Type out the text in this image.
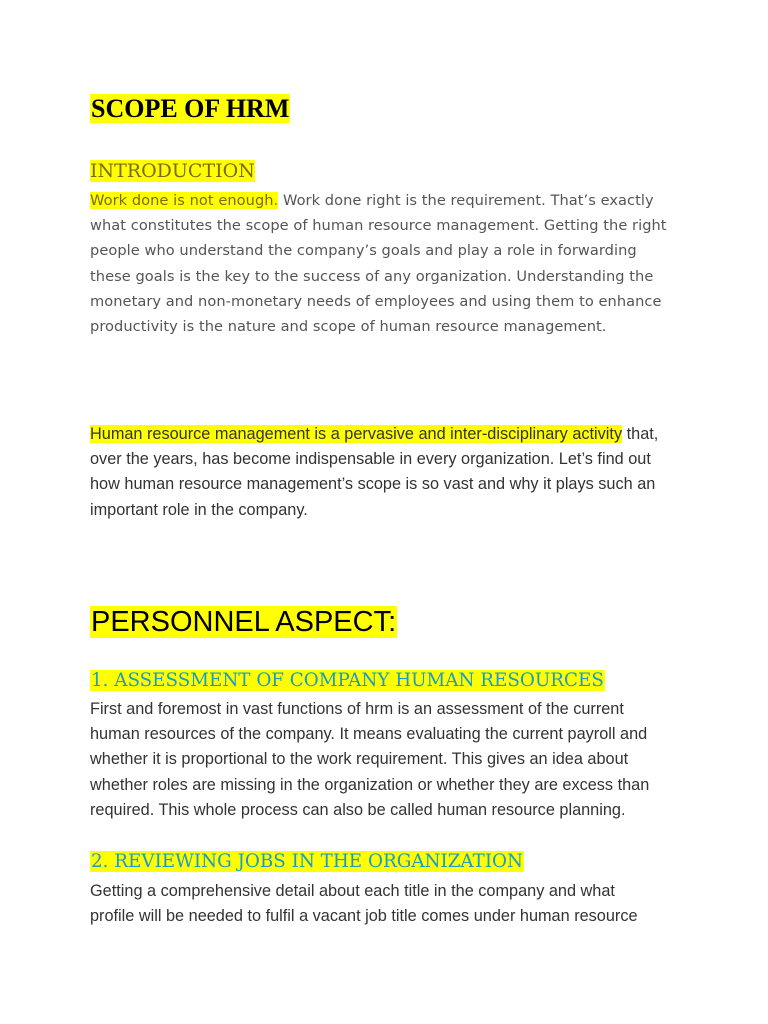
SCOPE OF HRM
INTRODUCTION

Work done is not enough. Work done right is the requirement. That’s exactly
what constitutes the scope of human resource management. Getting the right
people who understand the company’s goals and play a role in forwarding
these goals is the key to the success of any organization. Understanding the
monetary and non-monetary needs of employees and using them to enhance
productivity is the nature and scope of human resource management.

Human resource management is a pervasive and inter-disciplinary activity that,
over the years, has become indispensable in every organization. Let’s find out
how human resource management’s scope is so vast and why it plays such an
important role in the company.

PERSONNEL ASPECT:
1. ASSESSMENT OF COMPANY HUMAN RESOURCES

First and foremost in vast functions of hrm is an assessment of the current
human resources of the company. It means evaluating the current payroll and
whether it is proportional to the work requirement. This gives an idea about
whether roles are missing in the organization or whether they are excess than
required. This whole process can also be called human resource planning.

2. REVIEWING JOBS IN THE ORGANIZATION

Getting a comprehensive detail about each title in the company and what
profile will be needed to fulfil a vacant job title comes under human resource
